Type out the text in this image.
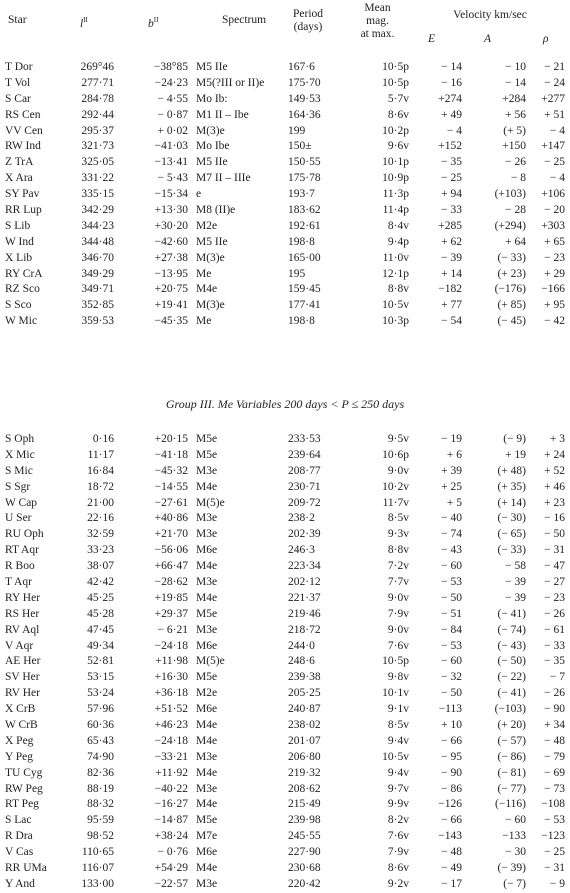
Star	$l^{II}$	$b^{II}$	Spectrum	Period
(days)
Mean
mag.
at max.
Velocity km/sec
E	A	ρ
T Dor	269°46	−38°85 M5 IIe	167·6	10·5p	− 14	− 10	− 21
T Vol	277·71	−24·23 M5(?III or II)e 175·70	10·5p	− 16	− 14	− 24
S Car	284·78	− 4·55 Mo Ib:	149·53	5·7v	+274	+284	+277
RS Cen	292·44	− 0·87 M1 II – Ibe	164·36	8·6v	+ 49	+ 56	+ 51
VV Cen	295·37	+ 0·02 M(3)e	199	10·2p	− 4	(+ 5)	− 4
RW Ind	321·73	−41·03 Mo Ibe	150±	9·6v	+152	+150	+147
Z TrA	325·05	−13·41 M5 IIe	150·55	10·1p	− 35	− 26	− 25
X Ara	331·22	− 5·43 M7 II – IIIe	175·78	10·9p	− 25	− 8	− 4
SY Pav	335·15	−15·34 e	193·7	11·3p	+ 94	(+103)	+106
RR Lup	342·29	+13·30 M8 (II)e	183·62	11·4p	− 33	− 28	− 20
S Lib	344·23	+30·20 M2e	192·61	8·4v	+285	(+294)	+303
W Ind	344·48	−42·60 M5 IIe	198·8	9·4p	+ 62	+ 64	+ 65
X Lib	346·70	+27·38 M(3)e	165·00	11·0v	− 39	(− 33)	− 23
RY CrA	349·29	−13·95 Me	195	12·1p	+ 14	(+ 23)	+ 29
RZ Sco	349·71	+20·75 M4e	159·45	8·8v	−182	(−176)	−166
S Sco	352·85	+19·41 M(3)e	177·41	10·5v	+ 77	(+ 85)	+ 95
W Mic	359·53	−45·35 Me	198·8	10·3p	− 54	(− 45)	− 42
Group III. Me Variables 200 days < P ≤ 250 days
S Oph	0·16	+20·15 M5e	233·53	9·5v	− 19	(− 9)	+ 3
X Mic	11·17	−41·18 M5e	239·64	10·6p	+ 6	+ 19	+ 24
S Mic	16·84	−45·32 M3e	208·77	9·0v	+ 39	(+ 48)	+ 52
S Sgr	18·72	−14·55 M4e	230·71	10·2v	+ 25	(+ 35)	+ 46
W Cap	21·00	−27·61 M(5)e	209·72	11·7v	+ 5	(+ 14)	+ 23
U Ser	22·16	+40·86 M3e	238·2	8·5v	− 40	(− 30)	− 16
RU Oph	32·59	+21·70 M3e	202·39	9·3v	− 74	(− 65)	− 50
RT Aqr	33·23	−56·06 M6e	246·3	8·8v	− 43	(− 33)	− 31
R Boo	38·07	+66·47 M4e	223·34	7·2v	− 60	− 58	− 47
T Aqr	42·42	−28·62 M3e	202·12	7·7v	− 53	− 39	− 27
RY Her	45·25	+19·85 M4e	221·37	9·0v	− 50	− 39	− 23
RS Her	45·28	+29·37 M5e	219·46	7·9v	− 51	(− 41)	− 26
RV Aql	47·45	− 6·21 M3e	218·72	9·0v	− 84	(− 74)	− 61
V Aqr	49·34	−24·18 M6e	244·0	7·6v	− 53	(− 43)	− 33
AE Her	52·81	+11·98 M(5)e	248·6	10·5p	− 60	(− 50)	− 35
SV Her	53·15	+16·30 M5e	239·38	9·8v	− 32	(− 22)	− 7
RV Her	53·24	+36·18 M2e	205·25	10·1v	− 50	(− 41)	− 26
X CrB	57·96	+51·52 M6e	240·87	9·1v	−113	(−103)	− 90
W CrB	60·36	+46·23 M4e	238·02	8·5v	+ 10	(+ 20)	+ 34
X Peg	65·43	−24·18 M4e	201·07	9·4v	− 66	(− 57)	− 48
Y Peg	74·90	−33·21 M3e	206·80	10·5v	− 95	(− 86)	− 79
TU Cyg	82·36	+11·92 M4e	219·32	9·4v	− 90	(− 81)	− 69
RW Peg	88·19	−40·22 M3e	208·62	9·7v	− 86	(− 77)	− 73
RT Peg	88·32	−16·27 M4e	215·49	9·9v	−126	(−116)	−108
S Lac	95·59	−14·87 M5e	239·98	8·2v	− 66	− 60	− 53
R Dra	98·52	+38·24 M7e	245·55	7·6v	−143	−133	−123
V Cas	110·65	− 0·76 M6e	227·90	7·9v	− 48	− 30	− 25
RR UMa	116·07	+54·29 M4e	230·68	8·6v	− 49	(− 39)	− 31
Y And	133·00	−22·57 M3e	220·42	9·2v	− 17	(− 7)	− 9
